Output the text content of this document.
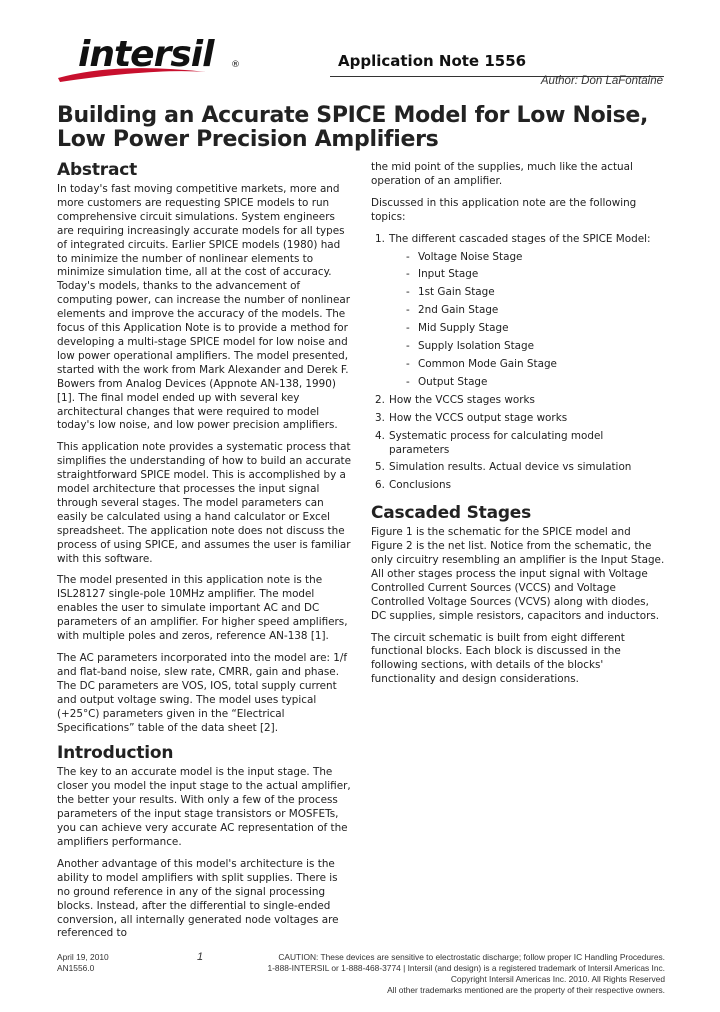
intersil ®	Application Note 1556
Author: Don LaFontaine
Building an Accurate SPICE Model for Low Noise,
Low Power Precision Amplifiers
Abstract
In today's fast moving competitive markets, more and more customers are requesting SPICE models to run comprehensive circuit simulations. System engineers are requiring increasingly accurate models for all types of integrated circuits. Earlier SPICE models (1980) had to minimize the number of nonlinear elements to minimize simulation time, all at the cost of accuracy. Today's models, thanks to the advancement of computing power, can increase the number of nonlinear elements and improve the accuracy of the models. The focus of this Application Note is to provide a method for developing a multi-stage SPICE model for low noise and low power operational amplifiers. The model presented, started with the work from Mark Alexander and Derek F. Bowers from Analog Devices (Appnote AN-138, 1990) [1]. The final model ended up with several key architectural changes that were required to model today's low noise, and low power precision amplifiers.
This application note provides a systematic process that simplifies the understanding of how to build an accurate straightforward SPICE model. This is accomplished by a model architecture that processes the input signal through several stages. The model parameters can easily be calculated using a hand calculator or Excel spreadsheet. The application note does not discuss the process of using SPICE, and assumes the user is familiar with this software.
The model presented in this application note is the ISL28127 single-pole 10MHz amplifier. The model enables the user to simulate important AC and DC parameters of an amplifier. For higher speed amplifiers, with multiple poles and zeros, reference AN-138 [1].
The AC parameters incorporated into the model are: 1/f and flat-band noise, slew rate, CMRR, gain and phase. The DC parameters are VOS, IOS, total supply current and output voltage swing. The model uses typical (+25°C) parameters given in the “Electrical Specifications” table of the data sheet [2].
Introduction
The key to an accurate model is the input stage. The closer you model the input stage to the actual amplifier, the better your results. With only a few of the process parameters of the input stage transistors or MOSFETs, you can achieve very accurate AC representation of the amplifiers performance.
Another advantage of this model's architecture is the ability to model amplifiers with split supplies. There is no ground reference in any of the signal processing blocks. Instead, after the differential to single-ended conversion, all internally generated node voltages are referenced to
the mid point of the supplies, much like the actual operation of an amplifier.
Discussed in this application note are the following topics:
1. The different cascaded stages of the SPICE Model:
- Voltage Noise Stage
- Input Stage
- 1st Gain Stage
- 2nd Gain Stage
- Mid Supply Stage
- Supply Isolation Stage
- Common Mode Gain Stage
- Output Stage
2. How the VCCS stages works
3. How the VCCS output stage works
4. Systematic process for calculating model parameters
5. Simulation results. Actual device vs simulation
6. Conclusions
Cascaded Stages
Figure 1 is the schematic for the SPICE model and Figure 2 is the net list. Notice from the schematic, the only circuitry resembling an amplifier is the Input Stage. All other stages process the input signal with Voltage Controlled Current Sources (VCCS) and Voltage Controlled Voltage Sources (VCVS) along with diodes, DC supplies, simple resistors, capacitors and inductors.
The circuit schematic is built from eight different functional blocks. Each block is discussed in the following sections, with details of the blocks' functionality and design considerations.
April 19, 2010
AN1556.0
1	CAUTION: These devices are sensitive to electrostatic discharge; follow proper IC Handling Procedures.
1-888-INTERSIL or 1-888-468-3774 | Intersil (and design) is a registered trademark of Intersil Americas Inc.
Copyright Intersil Americas Inc. 2010. All Rights Reserved
All other trademarks mentioned are the property of their respective owners.
